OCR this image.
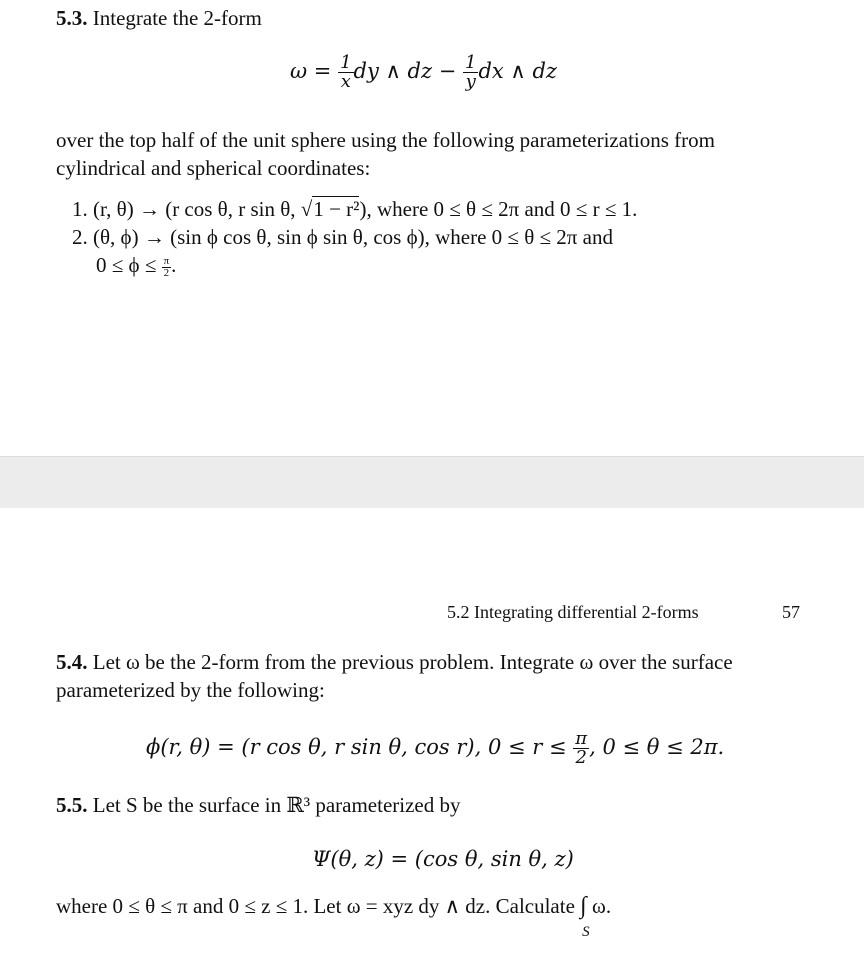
5.3. Integrate the 2-form
$\omega = \frac{1}{x}$ dy ∧ dz − $\frac{1}{y}$ dx ∧ dz
over the top half of the unit sphere using the following parameterizations from
cylindrical and spherical coordinates:
1. (r, θ) → (r cos θ, r sin θ, √1 − r²), where 0 ≤ θ ≤ 2π and 0 ≤ r ≤ 1.
2. (θ, ϕ) → (sin ϕ cos θ, sin ϕ sin θ, cos ϕ), where 0 ≤ θ ≤ 2π and
$0 \le \phi \le \frac{\pi}{2}$ .
5.2 Integrating differential 2-forms	57
5.4. Let ω be the 2-form from the previous problem. Integrate ω over the surface
parameterized by the following:
ϕ(r, θ) = (r cos θ, r sin θ, cos r), $0 \le r \le \frac{\pi}{2}$ , 0 ≤ θ ≤ 2π.
5.5. Let S be the surface in ℝ³ parameterized by
Ψ(θ, z) = (cos θ, sin θ, z)
where 0 ≤ θ ≤ π and 0 ≤ z ≤ 1. Let ω = xyz dy ∧ dz. Calculate ∫
S
ω.
